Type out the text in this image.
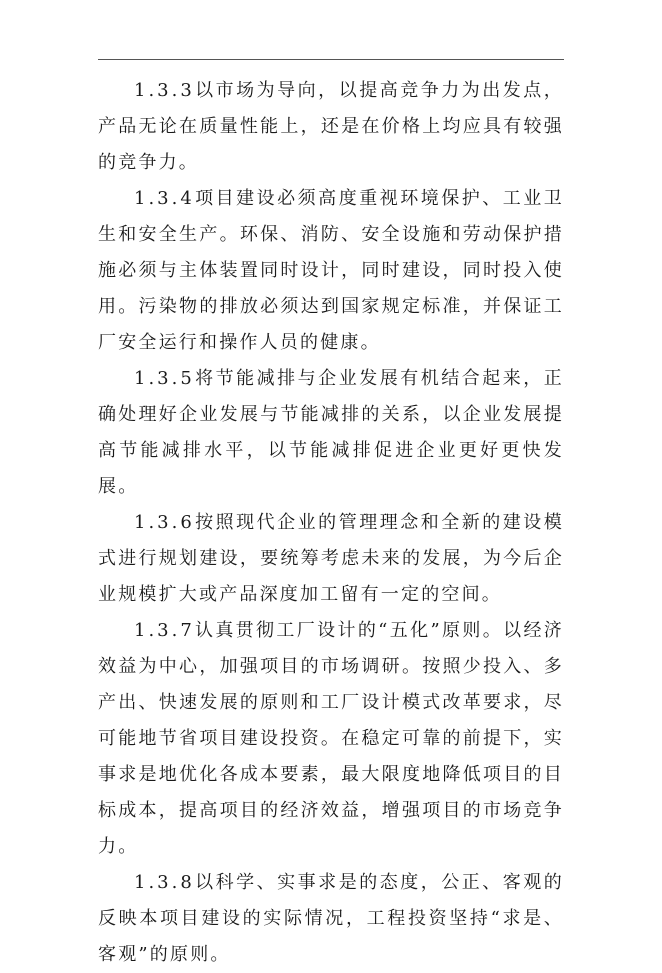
1.3.3以市场为导向，以提高竞争力为出发点，产品无论在质量性能上，还是在价格上均应具有较强的竞争力。

1.3.4项目建设必须高度重视环境保护、工业卫生和安全生产。环保、消防、安全设施和劳动保护措施必须与主体装置同时设计，同时建设，同时投入使用。污染物的排放必须达到国家规定标准，并保证工厂安全运行和操作人员的健康。

1.3.5将节能减排与企业发展有机结合起来，正确处理好企业发展与节能减排的关系，以企业发展提高节能减排水平，以节能减排促进企业更好更快发展。

1.3.6按照现代企业的管理理念和全新的建设模式进行规划建设，要统筹考虑未来的发展，为今后企业规模扩大或产品深度加工留有一定的空间。

1.3.7认真贯彻工厂设计的“五化”原则。以经济效益为中心，加强项目的市场调研。按照少投入、多产出、快速发展的原则和工厂设计模式改革要求，尽可能地节省项目建设投资。在稳定可靠的前提下，实事求是地优化各成本要素，最大限度地降低项目的目标成本，提高项目的经济效益，增强项目的市场竞争力。

1.3.8以科学、实事求是的态度，公正、客观的反映本项目建设的实际情况，工程投资坚持“求是、客观”的原则。
